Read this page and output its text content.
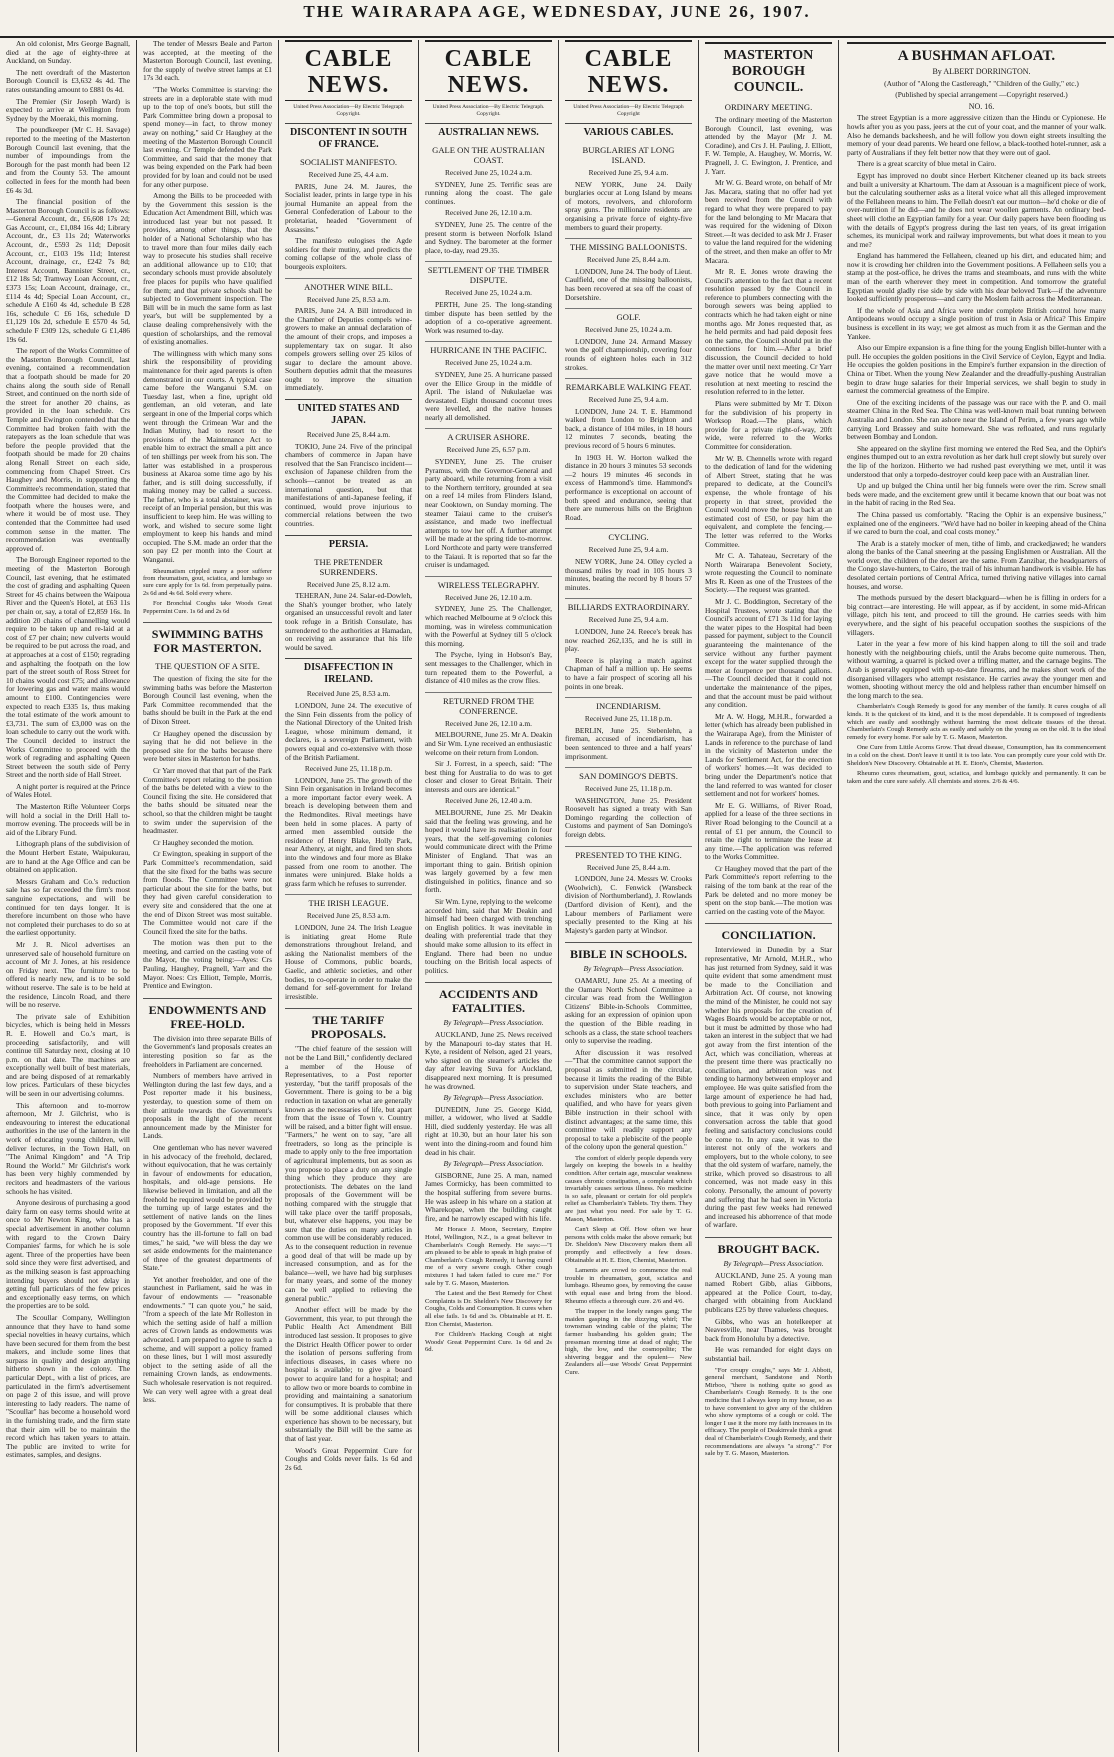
THE WAIRARAPA AGE, WEDNESDAY, JUNE 26, 1907.

An old colonist, Mrs George Bagnall, died at the age of eighty-three at Auckland, on Sunday.

The nett overdraft of the Masterton Borough Council is £3,632 4s 4d. The rates outstanding amount to £881 0s 4d.

The Premier (Sir Joseph Ward) is expected to arrive at Wellington from Sydney by the Moeraki, this morning.

The poundkeeper (Mr C. H. Savage) reported to the meeting of the Masterton Borough Council last evening, that the number of impoundings from the Borough for the past month had been 12 and from the County 53. The amount collected in fees for the month had been £6 4s 3d.

The financial position of the Masterton Borough Council is as follows:—General Account, dr., £6,608 17s 2d; Gas Account, cr., £1,084 16s 4d; Library Account, dr., £3 11s 2d; Waterworks Account, dr., £593 2s 11d; Deposit Account, cr., £103 19s 11d; Interest Account, drainage, cr., £242 7s 8d; Interest Account, Bannister Street, cr., £12 18s 5d; Tramway Loan Account, cr., £373 15s; Loan Account, drainage, cr., £114 4s 4d; Special Loan Account, cr., schedule A £160 4s 4d, schedule B £28 16s, schedule C £6 16s, schedule D £1,129 10s 2d, schedule E £570 4s 5d, schedule F £309 12s, schedule G £1,486 19s 6d.

The report of the Works Committee of the Masterton Borough Council, last evening, contained a recommendation that a footpath should be made for 20 chains along the south side of Renall Street, and continued on the north side of the street for another 20 chains, as provided in the loan schedule. Crs Temple and Ewington contended that the Committee had broken faith with the ratepayers as the loan schedule that was before the people provided that the footpath should be made for 20 chains along Renall Street on each side, commencing from Chapel Street. Crs Haughey and Morris, in supporting the Committee's recommendation, stated that the Committee had decided to make the footpath where the houses were, and where it would be of most use. They contended that the Committee had used common sense in the matter. The recommendation was eventually approved of.

The Borough Engineer reported to the meeting of the Masterton Borough Council, last evening, that he estimated the cost of grading and asphalting Queen Street for 45 chains between the Waipoua River and the Queen's Hotel, at £63 11s per chain or, say, a total of £2,859 16s. In addition 20 chains of channelling would require to be taken up and re-laid at a cost of £7 per chain; new culverts would be required to be put across the road, and at approaches at a cost of £150; regrading and asphalting the footpath on the low part of the street south of Ross Street for 10 chains would cost £75; and allowance for lowering gas and water mains would amount to £100. Contingencies were expected to reach £335 1s, thus making the total estimate of the work amount to £3,731. The sum of £3,000 was on the loan schedule to carry out the work with. The Council decided to instruct the Works Committee to proceed with the work of regrading and asphalting Queen Street between the south side of Perry Street and the north side of Hall Street.

A night porter is required at the Prince of Wales Hotel.

The Masterton Rifle Volunteer Corps will hold a social in the Drill Hall to-morrow evening. The proceeds will be in aid of the Library Fund.

Lithograph plans of the subdivision of the Mount Herbert Estate, Waipukurau, are to hand at the Age Office and can be obtained on application.

Messrs Graham and Co.'s reduction sale has so far exceeded the firm's most sanguine expectations, and will be continued for ten days longer. It is therefore incumbent on those who have not completed their purchases to do so at the earliest opportunity.

Mr J. R. Nicol advertises an unreserved sale of household furniture on account of Mr J. Jones, at his residence on Friday next. The furniture to be offered is nearly new, and is to be sold without reserve. The sale is to be held at the residence, Lincoln Road, and there will be no reserve.

The private sale of Exhibition bicycles, which is being held in Messrs R. E. Howell and Co.'s mart, is proceeding satisfactorily, and will continue till Saturday next, closing at 10 p.m. on that date. The machines are exceptionally well built of best materials, and are being disposed of at remarkably low prices. Particulars of these bicycles will be seen in our advertising columns.

This afternoon and to-morrow afternoon, Mr J. Gilchrist, who is endeavouring to interest the educational authorities in the use of the lantern in the work of educating young children, will deliver lectures, in the Town Hall, on "The Animal Kingdom" and "A Trip Round the World." Mr Gilchrist's work has been very highly commended by recitors and headmasters of the various schools he has visited.

Anyone desirous of purchasing a good dairy farm on easy terms should write at once to Mr Newton King, who has a special advertisement in another column with regard to the Crown Dairy Companies' farms, for which he is sole agent. Three of the properties have been sold since they were first advertised, and as the milking season is fast approaching intending buyers should not delay in getting full particulars of the few prices and exceptionally easy terms, on which the properties are to be sold.

The Scoullar Company, Wellington announce that they have to hand some special novelties in heavy curtains, which have been secured for them from the best makers, and include some lines that surpass in quality and design anything hitherto shown in the colony. The particular Dept., with a list of prices, are particulated in the firm's advertisement on page 2 of this issue, and will prove interesting to lady readers. The name of "Scoullar" has become a household word in the furnishing trade, and the firm state that their aim will be to maintain the record which has taken years to attain. The public are invited to write for estimates, samples, and designs.

The tender of Messrs Beale and Parton was accepted, at the meeting of the Masterton Borough Council, last evening, for the supply of twelve street lamps at £1 17s 3d each.

"The Works Committee is starving: the streets are in a deplorable state with mud up to the top of one's boots, but still the Park Committee bring down a proposal to spend money—in fact, to throw money away on nothing," said Cr Haughey at the meeting of the Masterton Borough Council last evening. Cr Temple defended the Park Committee, and said that the money that was being expended on the Park had been provided for by loan and could not be used for any other purpose.

Among the Bills to be proceeded with by the Government this session is the Education Act Amendment Bill, which was introduced last year but not passed. It provides, among other things, that the holder of a National Scholarship who has to travel more than four miles daily each way to prosecute his studies shall receive an additional allowance up to £10; that secondary schools must provide absolutely free places for pupils who have qualified for them; and that private schools shall be subjected to Government inspection. The Bill will be in much the same form as last year's, but will be supplemented by a clause dealing comprehensively with the question of scholarships, and the removal of existing anomalies.

The willingness with which many sons shirk the responsibility of providing maintenance for their aged parents is often demonstrated in our courts. A typical case came before the Wanganui S.M. on Tuesday last, when a fine, upright old gentleman, an old veteran, and late sergeant in one of the Imperial corps which went through the Crimean War and the Indian Mutiny, had to resort to the provisions of the Maintenance Act to enable him to extract the small a pitt ance of ten shillings per week from his son. The latter was established in a prosperous business at Akaroa some time ago by his father, and is still doing successfully, if making money may be called a success. The father, who is a total abstainer, was in receipt of an Imperial pension, but this was insufficient to keep him. He was willing to work, and wished to secure some light employment to keep his hands and mind occupied. The S.M. made an order that the son pay £2 per month into the Court at Wanganui.

Rheumatism crippled many a poor sufferer from rheumatism, gout, sciatica, and lumbago so sure cure apply for 1s 6d. from perpetually pains. 2s 6d and 4s 6d. Sold every where.

For Bronchial Coughs take Woods Great Peppermint Cure. 1s 6d and 2s 6d

SWIMMING BATHS FOR MASTERTON.
THE QUESTION OF A SITE.

The question of fixing the site for the swimming baths was before the Masterton Borough Council last evening, when the Park Committee recommended that the baths should be built in the Park at the end of Dixon Street.

Cr Haughey opened the discussion by saying that he did not believe in the proposed site for the baths because there were better sites in Masterton for baths.

Cr Yarr moved that that part of the Park Committee's report relating to the position of the baths be deleted with a view to the Council fixing the site. He considered that the baths should be situated near the school, so that the children might be taught to swim under the supervision of the headmaster.

Cr Haughey seconded the motion.

Cr Ewington, speaking in support of the Park Committee's recommendation, said that the site fixed for the baths was secure from floods. The Committee were not particular about the site for the baths, but they had given careful consideration to every site and considered that the one at the end of Dixon Street was most suitable. The Committee would not care if the Council fixed the site for the baths.

The motion was then put to the meeting, and carried on the casting vote of the Mayor, the voting being:—Ayes: Crs Pauling, Haughey, Pragnell, Yarr and the Mayor. Noes: Crs Elliott, Temple, Morris, Prentice and Ewington.

ENDOWMENTS AND FREE-HOLD.

The division into three separate Bills of the Government's land proposals creates an interesting position so far as the freeholders in Parliament are concerned.

Numbers of members have arrived in Wellington during the last few days, and a Post reporter made it his business, yesterday, to question some of them on their attitude towards the Government's proposals in the light of the recent announcement made by the Minister for Lands.

One gentleman who has never wavered in his advocacy of the freehold, declared, without equivocation, that he was certainly in favour of endowments for education, hospitals, and old-age pensions. He likewise believed in limitation, and all the freehold he required would be provided by the turning up of large estates and the settlement of native lands on the lines proposed by the Government. "If ever this country has the ill-fortune to fall on bad times," he said, "we will bless the day we set aside endowments for the maintenance of three of the greatest departments of State."

Yet another freeholder, and one of the staunchest in Parliament, said he was in favour of endowments — "reasonable endowments." "I can quote you," he said, "from a speech of the late Mr Rolleston in which the setting aside of half a million acres of Crown lands as endowments was advocated. I am prepared to agree to such a scheme, and will support a policy framed on these lines, but I will most assuredly object to the setting aside of all the remaining Crown lands, as endowments. Such wholesale reservation is not required. We can very well agree with a great deal less.

CABLE NEWS.
United Press Association—By Electric Telegraph Copyright.
DISCONTENT IN SOUTH OF FRANCE.
SOCIALIST MANIFESTO.

Received June 25, 4.4 a.m.

PARIS, June 24. M. Jaures, the Socialist leader, prints in large type in his journal Humanite an appeal from the General Confederation of Labour to the proletariat, headed "Government of Assassins."

The manifesto eulogises the Agde soldiers for their mutiny, and predicts the coming collapse of the whole class of bourgeois exploiters.

ANOTHER WINE BILL.

Received June 25, 8.53 a.m.

PARIS, June 24. A Bill introduced in the Chamber of Deputies compels wine-growers to make an annual declaration of the amount of their crops, and imposes a supplementary tax on sugar. It also compels growers selling over 25 kilos of sugar to declare the amount above. Southern deputies admit that the measures ought to improve the situation immediately.

UNITED STATES AND JAPAN.

Received June 25, 8.44 a.m.

TOKIO, June 24. Five of the principal chambers of commerce in Japan have resolved that the San Francisco incident—exclusion of Japanese children from the schools—cannot be treated as an international question, but that manifestations of anti-Japanese feeling, if continued, would prove injurious to commercial relations between the two countries.

PERSIA.
THE PRETENDER SURRENDERS.

Received June 25, 8.12 a.m.

TEHERAN, June 24. Salar-ed-Dowleh, the Shah's younger brother, who lately organised an unsuccessful revolt and later took refuge in a British Consulate, has surrendered to the authorities at Hamadan, on receiving an assurance that his life would be saved.

DISAFFECTION IN IRELAND.

Received June 25, 8.53 a.m.

LONDON, June 24. The executive of the Sinn Fein dissents from the policy of the National Directory of the United Irish League, whose minimum demand, it declares, is a sovereign Parliament, with powers equal and co-extensive with those of the British Parliament.

Received June 25, 11.18 p.m.

LONDON, June 25. The growth of the Sinn Fein organisation in Ireland becomes a more important factor every week. A breach is developing between them and the Redmondites. Rival meetings have been held in some places. A party of armed men assembled outside the residence of Henry Blake, Holly Park, near Athenry, at night, and fired ten shots into the windows and four more as Blake passed from one room to another. The inmates were uninjured. Blake holds a grass farm which he refuses to surrender.

THE IRISH LEAGUE.

Received June 25, 8.53 a.m.

LONDON, June 24. The Irish League is initiating great Home Rule demonstrations throughout Ireland, and asking the Nationalist members of the House of Commons, public boards, Gaelic, and athletic societies, and other bodies, to co-operate in order to make the demand for self-government for Ireland irresistible.

THE TARIFF PROPOSALS.

"The chief feature of the session will not be the Land Bill," confidently declared a member of the House of Representatives, to a Post reporter yesterday, "but the tariff proposals of the Government. There is going to be a big reduction in taxation on what are generally known as the necessaries of life, but apart from that the issue of Town v. Country will be raised, and a bitter fight will ensue. "Farmers," he went on to say, "are all freetraders, so long as the principle is made to apply only to the free importation of agricultural implements, but as soon as you propose to place a duty on any single thing which they produce they are protectionists. The debates on the land proposals of the Government will be nothing compared with the struggle that will take place over the tariff proposals, but, whatever else happens, you may be sure that the duties on many articles in common use will be considerably reduced. As to the consequent reduction in revenue a good deal of that will be made up by increased consumption, and as for the balance—well, we have had big surpluses for many years, and some of the money can be well applied to relieving the general public."

Another effect will be made by the Government, this year, to put through the Public Health Act Amendment Bill introduced last session. It proposes to give the District Health Officer power to order the isolation of persons suffering from infectious diseases, in cases where no hospital is available; to give a board power to acquire land for a hospital; and to allow two or more boards to combine in providing and maintaining a sanatorium for consumptives. It is probable that there will be some additional clauses which experience has shown to be necessary, but substantially the Bill will be the same as that of last year.

Wood's Great Peppermint Cure for Coughs and Colds never fails. 1s 6d and 2s 6d.

CABLE NEWS.
United Press Association—By Electric Telegraph. Copyright.
AUSTRALIAN NEWS.
GALE ON THE AUSTRALIAN COAST.

Received June 25, 10.24 a.m.

SYDNEY, June 25. Terrific seas are running along the coast. The gale continues.

Received June 26, 12.10 a.m.

SYDNEY, June 25. The centre of the present storm is between Norfolk Island and Sydney. The barometer at the former place, to-day, read 29.35.

SETTLEMENT OF THE TIMBER DISPUTE.

Received June 25, 10.24 a.m.

PERTH, June 25. The long-standing timber dispute has been settled by the adoption of a co-operative agreement. Work was resumed to-day.

HURRICANE IN THE PACIFIC.

Received June 25, 10.24 a.m.

SYDNEY, June 25. A hurricane passed over the Ellice Group in the middle of April. The island of Nukulaelae was devastated. Eight thousand coconut trees were levelled, and the native houses nearly all demolished.

A CRUISER ASHORE.

Received June 25, 6.57 p.m.

SYDNEY, June 25. The cruiser Pyramus, with the Governor-General and party aboard, while returning from a visit to the Northern territory, grounded at sea on a reef 14 miles from Flinders Island, near Cooktown, on Sunday morning. The steamer Taiaui came to the cruiser's assistance, and made two ineffectual attempts to tow her off. A further attempt will be made at the spring tide to-morrow. Lord Northcote and party were transferred to the Taiaui. It is reported that so far the cruiser is undamaged.

WIRELESS TELEGRAPHY.

Received June 26, 12.10 a.m.

SYDNEY, June 25. The Challenger, which reached Melbourne at 9 o'clock this morning, was in wireless communication with the Powerful at Sydney till 5 o'clock this morning.

The Psyche, lying in Hobson's Bay, sent messages to the Challenger, which in turn repeated them to the Powerful, a distance of 410 miles as the crow flies.

RETURNED FROM THE CONFERENCE.

Received June 26, 12.10 a.m.

MELBOURNE, June 25. Mr A. Deakin and Sir Wm. Lyne received an enthusiastic welcome on their return from London.

Sir J. Forrest, in a speech, said: "The best thing for Australia to do was to get closer and closer to Great Britain. Their interests and ours are identical."

Received June 26, 12.40 a.m.

MELBOURNE, June 25. Mr Deakin said that the feeling was growing, and he hoped it would have its realisation in four years, that the self-governing colonies would communicate direct with the Prime Minister of England. That was an important thing to gain. British opinion was largely governed by a few men distinguished in politics, finance and so forth.

Sir Wm. Lyne, replying to the welcome accorded him, said that Mr Deakin and himself had been charged with trenching on English politics. It was inevitable in dealing with preferential trade that they should make some allusion to its effect in England. There had been no undue touching on the British local aspects of politics.

ACCIDENTS AND FATALITIES.

By Telegraph—Press Association.

AUCKLAND, June 25. News received by the Manapouri to-day states that H. Kyte, a resident of Nelson, aged 21 years, who signed on the steamer's articles the day after leaving Suva for Auckland, disappeared next morning. It is presumed he was drowned.

By Telegraph—Press Association.

DUNEDIN, June 25. George Kidd, miller, a widower, who lived at Saddle Hill, died suddenly yesterday. He was all right at 10.30, but an hour later his son went into the dining-room and found him dead in his chair.

By Telegraph—Press Association.

GISBORNE, June 25. A man, named James Cormicky, has been committed to the hospital suffering from severe burns. He was asleep in his whare on a station at Wharekopae, when the building caught fire, and he narrowly escaped with his life.

Mr Horace J. Moon, Secretary, Empire Hotel, Wellington, N.Z., is a great believer in Chamberlain's Cough Remedy. He says:—"I am pleased to be able to speak in high praise of Chamberlain's Cough Remedy, it having cured me of a very severe cough. Other cough mixtures I had taken failed to cure me." For sale by T. G. Mason, Masterton.

The Latest and the Best Remedy for Chest Complaints is Dr. Sheldon's New Discovery for Coughs, Colds and Consumption. It cures when all else fails. 1s 6d and 3s. Obtainable at H. E. Eton Chemist, Masterton.

For Children's Hacking Cough at night Woods' Great Peppermint Cure. 1s 6d and 2s 6d.

CABLE NEWS.
United Press Association—By Electric Telegraph Copyright
VARIOUS CABLES.
BURGLARIES AT LONG ISLAND.

Received June 25, 9.4 a.m.

NEW YORK, June 24. Daily burglaries occur at Long Island by means of motors, revolvers, and chloroform spray guns. The millionaire residents are organising a private force of eighty-five members to guard their property.

THE MISSING BALLOONISTS.

Received June 25, 8.44 a.m.

LONDON, June 24. The body of Lieut. Caulfield, one of the missing balloonists, has been recovered at sea off the coast of Dorsetshire.

GOLF.

Received June 25, 10.24 a.m.

LONDON, June 24. Armand Massey won the golf championship, covering four rounds of eighteen holes each in 312 strokes.

REMARKABLE WALKING FEAT.

Received June 25, 9.4 a.m.

LONDON, June 24. T. E. Hammond walked from London to Brighton and back, a distance of 104 miles, in 18 hours 12 minutes 7 seconds, beating the previous record of 5 hours 6 minutes.

In 1903 H. W. Horton walked the distance in 20 hours 3 minutes 53 seconds—2 hours 19 minutes 46 seconds in excess of Hammond's time. Hammond's performance is exceptional on account of both speed and endurance, seeing that there are numerous hills on the Brighton Road.

CYCLING.

Received June 25, 9.4 a.m.

NEW YORK, June 24. Olley cycled a thousand miles by road in 105 hours 3 minutes, beating the record by 8 hours 57 minutes.

BILLIARDS EXTRAORDINARY.

Received June 25, 9.4 a.m.

LONDON, June 24. Reece's break has now reached 262,135, and he is still in play.

Reece is playing a match against Chapman of half a million up. He seems to have a fair prospect of scoring all his points in one break.

INCENDIARISM.

Received June 25, 11.18 p.m.

BERLIN, June 25. Stebenlehn, a fireman, accused of incendiarism, has been sentenced to three and a half years' imprisonment.

SAN DOMINGO'S DEBTS.

Received June 25, 11.18 p.m.

WASHINGTON, June 25. President Roosevelt has signed a treaty with San Domingo regarding the collection of Customs and payment of San Domingo's foreign debts.

PRESENTED TO THE KING.

Received June 25, 8.44 a.m.

LONDON, June 24. Messrs W. Crooks (Woolwich), C. Fenwick (Wansbeck division of Northumberland), J. Rowlands (Dartford division of Kent), and the Labour members of Parliament were specially presented to the King at his Majesty's garden party at Windsor.

BIBLE IN SCHOOLS.

By Telegraph—Press Association.

OAMARU, June 25. At a meeting of the Oamaru North School Committee a circular was read from the Wellington Citizens' Bible-in-Schools Committee, asking for an expression of opinion upon the question of the Bible reading in schools as a class, the state school teachers only to supervise the reading.

After discussion it was resolved —"That the committee cannot support the proposal as submitted in the circular, because it limits the reading of the Bible to supervision under State teachers, and excludes ministers who are better qualified, and who have for years given Bible instruction in their school with distinct advantages; at the same time, this committee will readily support any proposal to take a plebiscite of the people of the colony upon the general question."

The comfort of elderly people depends very largely on keeping the bowels in a healthy condition. After certain age, muscular weakness causes chronic constipation, a complaint which invariably causes serious illness. No medicine is so safe, pleasant or certain for old people's relief as Chamberlain's Tablets. Try them. They are just what you need. For sale by T. G. Mason, Masterton.

Can't Sleep at Off. How often we hear persons with colds make the above remark; but Dr. Sheldon's New Discovery makes them all promptly and effectively a few doses. Obtainable at H. E. Eton, Chemist, Masterton.

Laments are crowd to commence the real trouble in rheumatism, gout, sciatica and lumbago. Rheumo goes, by removing the cause with equal ease and bring from the blood. Rheumo effects a thorough cure. 2/6 and 4/6.

The trapper in the lonely ranges gang; The maiden gasping in the dizzying whirl; The townsman winding cable of the plains; The farmer husbanding his golden grain; The pressman morning time at dead of night; The high, the low, and the cosmopolite; The shivering beggar and the opulent— New Zealanders all—use Woods' Great Peppermint Cure.

MASTERTON BOROUGH COUNCIL.
ORDINARY MEETING.

The ordinary meeting of the Masterton Borough Council, last evening, was attended by the Mayor (Mr J. M. Coradine), and Crs J. H. Pauling, J. Elliott, F. W. Temple, A. Haughey, W. Morris, W. Pragnell, J. C. Ewington, J. Prentice, and J. Yarr.

Mr W. G. Beard wrote, on behalf of Mr Jas. Macara, stating that no offer had yet been received from the Council with regard to what they were prepared to pay for the land belonging to Mr Macara that was required for the widening of Dixon Street.—It was decided to ask Mr J. Fraser to value the land required for the widening of the street, and then make an offer to Mr Macara.

Mr R. E. Jones wrote drawing the Council's attention to the fact that a recent resolution passed by the Council in reference to plumbers connecting with the borough sewers was being applied to contracts which he had taken eight or nine months ago. Mr Jones requested that, as he held permits and had paid deposit fees on the same, the Council should put in the connections for him.—After a brief discussion, the Council decided to hold the matter over until next meeting. Cr Yarr gave notice that he would move a resolution at next meeting to rescind the resolution referred to in the letter.

Plans were submitted by Mr T. Dixon for the subdivision of his property in Worksop Road.—The plans, which provide for a private right-of-way, 20ft wide, were referred to the Works Committee for consideration.

Mr W. B. Chennells wrote with regard to the dedication of land for the widening of Albert Street, stating that he was prepared to dedicate, at the Council's expense, the whole frontage of his property in that street, provided the Council would move the house back at an estimated cost of £50, or pay him the equivalent, and complete the fencing.—The letter was referred to the Works Committee.

Mr C. A. Tahateau, Secretary of the North Wairarapa Benevolent Society, wrote requesting the Council to nominate Mrs R. Keen as one of the Trustees of the Society.—The request was granted.

Mr J. C. Boddington, Secretary of the Hospital Trustees, wrote stating that the Council's account of £71 3s 11d for laying the water pipes to the Hospital had been passed for payment, subject to the Council guaranteeing the maintenance of the service without any further payment except for the water supplied through the meter at fourpence per thousand gallons.—The Council decided that it could not undertake the maintenance of the pipes, and that the account must be paid without any condition.

Mr A. W. Hogg, M.H.R., forwarded a letter (which has already been published in the Wairarapa Age), from the Minister of Lands in reference to the purchase of land in the vicinity of Masterton under the Lands for Settlement Act, for the erection of workers' homes.—It was decided to bring under the Department's notice that the land referred to was wanted for closer settlement and not for workers' homes.

Mr E. G. Williams, of River Road, applied for a lease of the three sections in River Road belonging to the Council at a rental of £1 per annum, the Council to retain the right to terminate the lease at any time.—The application was referred to the Works Committee.

Cr Haughey moved that the part of the Park Committee's report referring to the raising of the tom bank at the rear of the Park be deleted and no more money be spent on the stop bank.—The motion was carried on the casting vote of the Mayor.

CONCILIATION.

Interviewed in Dunedin by a Star representative, Mr Arnold, M.H.R., who has just returned from Sydney, said it was quite evident that some amendment must be made to the Conciliation and Arbitration Act. Of course, not knowing the mind of the Minister, he could not say whether his proposals for the creation of Wages Boards would be acceptable or not, but it must be admitted by those who had taken an interest in the subject that we had got away from the first intention of the Act, which was conciliation, whereas at the present time there was practically no conciliation, and arbitration was not tending to harmony between employer and employee. He was quite satisfied from the large amount of experience he had had, both previous to going into Parliament and since, that it was only by open conversation across the table that good feeling and satisfactory conclusions could be come to. In any case, it was to the interest not only of the workers and employers, but to the whole colony, to see that the old system of warfare, namely, the strike, which proved so disastrous to all concerned, was not made easy in this colony. Personally, the amount of poverty and suffering that he had seen in Victoria during the past few weeks had renewed and increased his abhorrence of that mode of warfare.

BROUGHT BACK.

By Telegraph—Press Association.

AUCKLAND, June 25. A young man named Robert Gibb, alias Gibbons, appeared at the Police Court, to-day, charged with obtaining from Auckland publicans £25 by three valueless cheques.

Gibbs, who was an hotelkeeper at Neavesville, near Thames, was brought back from Honolulu by a detective.

He was remanded for eight days on substantial bail.

"For croupy coughs," says Mr J. Abbott, general merchant, Sandstone and North Mirboo, "there is nothing quite so good as Chamberlain's Cough Remedy. It is the one medicine that I always keep in my house, so as to have convenient to give any of the children who show symptoms of a cough or cold. The longer I use it the more my faith increases in its efficacy. The people of Deakinvale think a great deal of Chamberlain's Cough Remedy, and their recommendations are always "a strong"." For sale by T. G. Mason, Masterton.

A BUSHMAN AFLOAT.

By ALBERT DORRINGTON.

(Author of "Along the Castlereagh," "Children of the Gully," etc.)

(Published by special arrangement —Copyright reserved.)

NO. 16.

The street Egyptian is a more aggressive citizen than the Hindu or Cypionese. He howls after you as you pass, jeers at the cut of your coat, and the manner of your walk. Also he demands backsheesh, and he will follow you down eight streets insulting the memory of your dead parents. We heard one fellow, a black-toothed hotel-runner, ask a party of Australians if they felt better now that they were out of gaol.

There is a great scarcity of blue metal in Cairo.

Egypt has improved no doubt since Herbert Kitchener cleaned up its back streets and built a university at Khartoum. The dam at Assouan is a magnificent piece of work, but the calculating southerner asks as a literal voice what all this alleged improvement of the Fellaheen means to him. The Fellah doesn't eat our mutton—he'd choke or die of over-nutrition if he did—and he does not wear woollen garments. An ordinary bed-sheet will clothe an Egyptian family for a year. Our daily papers have been flooding us with the details of Egypt's progress during the last ten years, of its great irrigation schemes, its municipal work and railway improvements, but what does it mean to you and me?

England has hammered the Fellaheen, cleaned up his dirt, and educated him; and now it is crowding her children into the Government positions. A Fellaheen sells you a stamp at the post-office, he drives the trams and steamboats, and runs with the white man of the earth wherever they meet in competition. And tomorrow the grateful Egyptian would gladly rise side by side with his dear beloved Turk—if the adventure looked sufficiently prosperous—and carry the Moslem faith across the Mediterranean.

If the whole of Asia and Africa were under complete British control how many Antipodeans would occupy a single position of trust in Asia or Africa? This Empire business is excellent in its way; we get almost as much from it as the German and the Yankee.

Also our Empire expansion is a fine thing for the young English billet-hunter with a pull. He occupies the golden positions in the Civil Service of Ceylon, Egypt and India. He occupies the golden positions in the Empire's further expansion in the direction of China or Tibet. When the young New Zealander and the dreadfully-pushing Australian begin to draw huge salaries for their Imperial services, we shall begin to study in earnest the commercial greatness of the Empire.

One of the exciting incidents of the passage was our race with the P. and O. mail steamer China in the Red Sea. The China was well-known mail boat running between Australia and London. She ran ashore near the Island of Perim, a few years ago while carrying Lord Brassey and suite homeward. She was refloated, and runs regularly between Bombay and London.

She appeared on the skyline first morning we entered the Red Sea, and the Ophir's engines thumped out to an extra revolution as her dark hull crept slowly but surely over the lip of the horizon. Hitherto we had rushed past everything we met, until it was understood that only a torpedo-destroyer could keep pace with an Australian liner.

Up and up bulged the China until her big funnels were over the rim. Screw small beds were made, and the excitement grew until it became known that our boat was not in the habit of racing in the Red Sea.

The China passed us comfortably. "Racing the Ophir is an expensive business," explained one of the engineers. "We'd have had no boiler in keeping ahead of the China if we cared to burn the coal, and coal costs money."

The Arab is a stately mocker of men, tithe of limb, and crackedjawed; he wanders along the banks of the Canal sneering at the passing Englishmen or Australian. All the world over, the children of the desert are the same. From Zanzibar, the headquarters of the Congo slave-hunters, to Cairo, the trail of his inhuman handiwork is visible. He has desolated certain portions of Central Africa, turned thriving native villages into carnal houses, and worse.

The methods pursued by the desert blackguard—when he is filling in orders for a big contract—are interesting. He will appear, as if by accident, in some mid-African village, pitch his tent, and proceed to till the ground. He carries seeds with him everywhere, and the sight of his peaceful occupation soothes the suspicions of the villagers.

Later in the year a few more of his kind happen along to till the soil and trade honestly with the neighbouring chiefs, until the Arabs become quite numerous. Then, without warning, a quarrel is picked over a trifling matter, and the carnage begins. The Arab is generally equipped with up-to-date firearms, and he makes short work of the disorganised villagers who attempt resistance. He carries away the younger men and women, shooting without mercy the old and helpless rather than encumber himself on the long march to the sea.

Chamberlain's Cough Remedy is good for any member of the family. It cures coughs of all kinds. It is the quickest of its kind, and it is the most dependable. It is composed of ingredients which are easily and soothingly without harming the most delicate tissues of the throat. Chamberlain's Cough Remedy acts as easily and safely on the young as on the old. It is the ideal remedy for every home. For sale by T. G. Mason, Masterton.

One Cure from Little Acorns Grow. That dread disease, Consumption, has its commencement in a cold on the chest. Don't leave it until it is too late. You can promptly cure your cold with Dr. Sheldon's New Discovery. Obtainable at H. E. Eton's, Chemist, Masterton.

Rheumo cures rheumatism, gout, sciatica, and lumbago quickly and permanently. It can be taken and the cure sure safely. All chemists and stores. 2/6 & 4/6.
